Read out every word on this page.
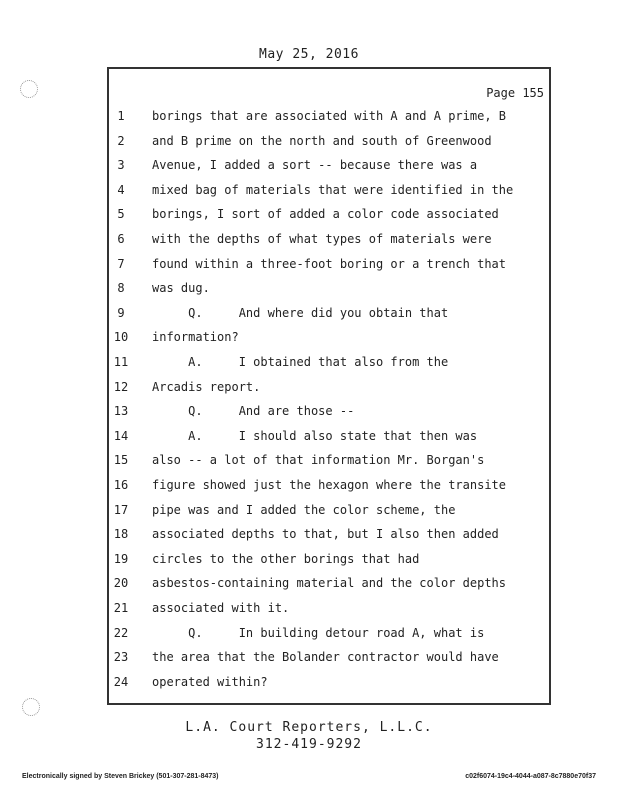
May 25, 2016
Page 155
1	borings that are associated with A and A prime, B
2	and B prime on the north and south of Greenwood
3	Avenue, I added a sort -- because there was a
4	mixed bag of materials that were identified in the
5	borings, I sort of added a color code associated
6	with the depths of what types of materials were
7	found within a three-foot boring or a trench that
8	was dug.
9	Q.     And where did you obtain that
10	information?
11	A.     I obtained that also from the
12	Arcadis report.
13	Q.     And are those --
14	A.     I should also state that then was
15	also -- a lot of that information Mr. Borgan's
16	figure showed just the hexagon where the transite
17	pipe was and I added the color scheme, the
18	associated depths to that, but I also then added
19	circles to the other borings that had
20	asbestos-containing material and the color depths
21	associated with it.
22	Q.     In building detour road A, what is
23	the area that the Bolander contractor would have
24	operated within?
L.A. Court Reporters, L.L.C.
312-419-9292
Electronically signed by Steven Brickey (501-307-281-8473)	c02f6074-19c4-4044-a087-8c7880e70f37
